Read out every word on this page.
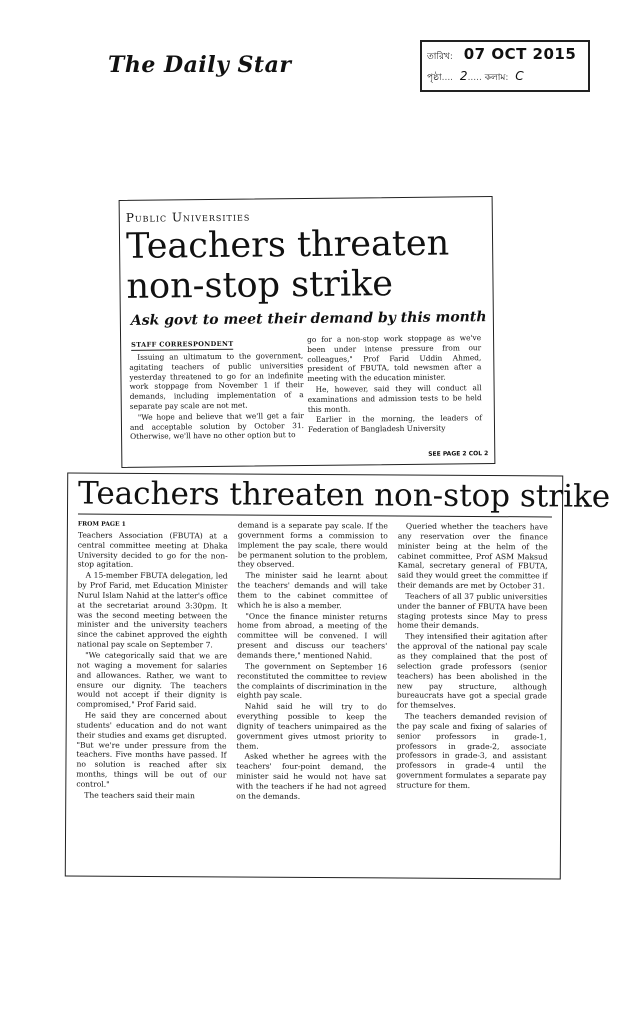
The Daily Star	তারিখ: 07 OCT 2015
পৃষ্ঠা.... 2..... কলাম: C
Public Universities
Teachers threaten
non-stop strike
Ask govt to meet their demand by this month
STAFF CORRESPONDENT

Issuing an ultimatum to the government, agitating teachers of public universities yesterday threatened to go for an indefinite work stoppage from November 1 if their demands, including implementation of a separate pay scale are not met.

"We hope and believe that we'll get a fair and acceptable solution by October 31. Otherwise, we'll have no other option but to

go for a non-stop work stoppage as we've been under intense pressure from our colleagues," Prof Farid Uddin Ahmed, president of FBUTA, told newsmen after a meeting with the education minister.

He, however, said they will conduct all examinations and admission tests to be held this month.

Earlier in the morning, the leaders of Federation of Bangladesh University

SEE PAGE 2 COL 2
Teachers threaten non-stop strike

FROM PAGE 1

Teachers Association (FBUTA) at a central committee meeting at Dhaka University decided to go for the non-stop agitation.

A 15-member FBUTA delegation, led by Prof Farid, met Education Minister Nurul Islam Nahid at the latter's office at the secretariat around 3:30pm. It was the second meeting between the minister and the university teachers since the cabinet approved the eighth national pay scale on September 7.

"We categorically said that we are not waging a movement for salaries and allowances. Rather, we want to ensure our dignity. The teachers would not accept if their dignity is compromised," Prof Farid said.

He said they are concerned about students' education and do not want their studies and exams get disrupted. "But we're under pressure from the teachers. Five months have passed. If no solution is reached after six months, things will be out of our control."

The teachers said their main

demand is a separate pay scale. If the government forms a commission to implement the pay scale, there would be permanent solution to the problem, they observed.

The minister said he learnt about the teachers' demands and will take them to the cabinet committee of which he is also a member.

"Once the finance minister returns home from abroad, a meeting of the committee will be convened. I will present and discuss our teachers' demands there," mentioned Nahid.

The government on September 16 reconstituted the committee to review the complaints of discrimination in the eighth pay scale.

Nahid said he will try to do everything possible to keep the dignity of teachers unimpaired as the government gives utmost priority to them.

Asked whether he agrees with the teachers' four-point demand, the minister said he would not have sat with the teachers if he had not agreed on the demands.

Queried whether the teachers have any reservation over the finance minister being at the helm of the cabinet committee, Prof ASM Maksud Kamal, secretary general of FBUTA, said they would greet the committee if their demands are met by October 31.

Teachers of all 37 public universities under the banner of FBUTA have been staging protests since May to press home their demands.

They intensified their agitation after the approval of the national pay scale as they complained that the post of selection grade professors (senior teachers) has been abolished in the new pay structure, although bureaucrats have got a special grade for themselves.

The teachers demanded revision of the pay scale and fixing of salaries of senior professors in grade-1, professors in grade-2, associate professors in grade-3, and assistant professors in grade-4 until the government formulates a separate pay structure for them.
